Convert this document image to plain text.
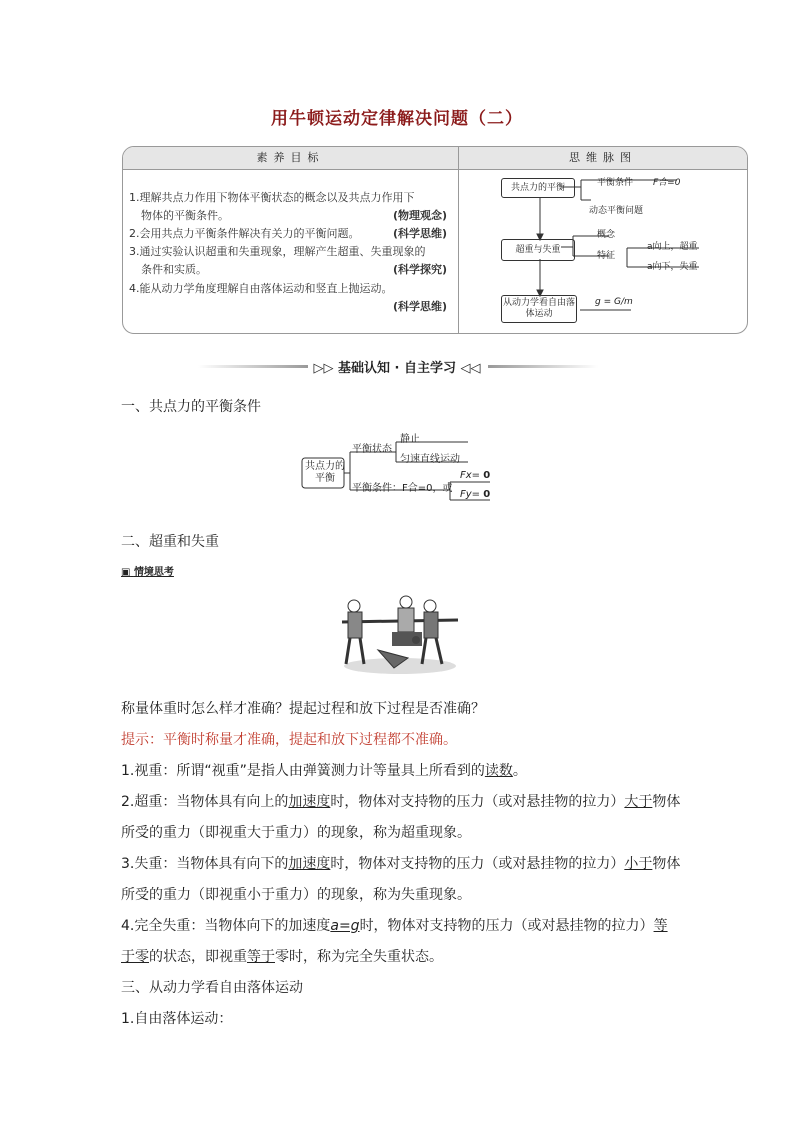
用牛顿运动定律解决问题（二）
素养目标	思维脉图
1.理解共点力作用下物体平衡状态的概念以及共点力作用下
物体的平衡条件。	(物理观念)
2.会用共点力平衡条件解决有关力的平衡问题。	(科学思维)
3.通过实验认识超重和失重现象，理解产生超重、失重现象的
条件和实质。	(科学探究)
4.能从动力学角度理解自由落体运动和竖直上抛运动。
(科学思维)
共点力的平衡	平衡条件 F合=0
动态平衡问题
超重与失重
概念
特征
a向上，超重
a向下，失重
从动力学看自由落体运动
g = G/m
▷▷ 基础认知 · 自主学习 ◁◁
一、共点力的平衡条件
共点力的平衡
平衡状态
静止
匀速直线运动
平衡条件：F合=0，或
Fx= 0
Fy= 0
二、超重和失重
▣ 情境思考
称量体重时怎么样才准确？提起过程和放下过程是否准确？
提示：平衡时称量才准确，提起和放下过程都不准确。
1.视重：所谓“视重”是指人由弹簧测力计等量具上所看到的读数。
2.超重：当物体具有向上的加速度时，物体对支持物的压力（或对悬挂物的拉力）大于物体
所受的重力（即视重大于重力）的现象，称为超重现象。
3.失重：当物体具有向下的加速度时，物体对支持物的压力（或对悬挂物的拉力）小于物体
所受的重力（即视重小于重力）的现象，称为失重现象。
4.完全失重：当物体向下的加速度a=g时，物体对支持物的压力（或对悬挂物的拉力）等
于零的状态，即视重等于零时，称为完全失重状态。
三、从动力学看自由落体运动
1.自由落体运动：
